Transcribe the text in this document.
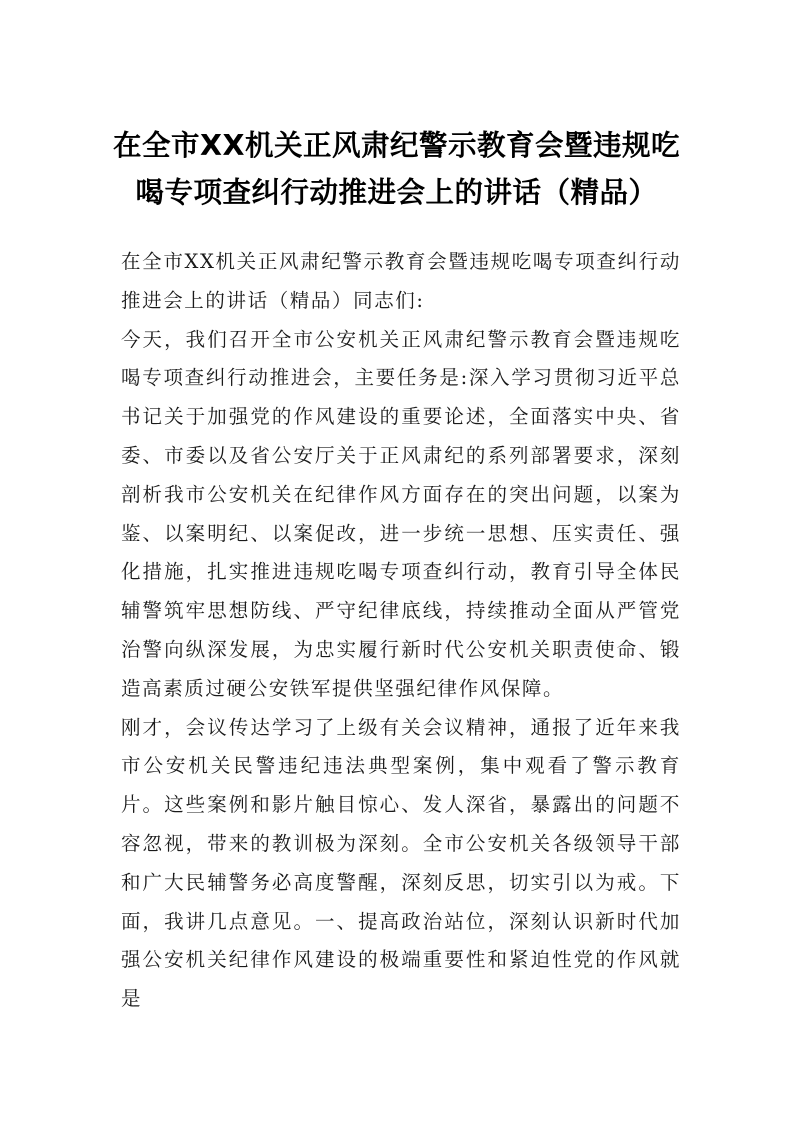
在全市XX机关正风肃纪警示教育会暨违规吃喝专项查纠行动推进会上的讲话（精品）

在全市XX机关正风肃纪警示教育会暨违规吃喝专项查纠行动推进会上的讲话（精品）同志们:

今天，我们召开全市公安机关正风肃纪警示教育会暨违规吃喝专项查纠行动推进会，主要任务是:深入学习贯彻习近平总书记关于加强党的作风建设的重要论述，全面落实中央、省委、市委以及省公安厅关于正风肃纪的系列部署要求，深刻剖析我市公安机关在纪律作风方面存在的突出问题，以案为鉴、以案明纪、以案促改，进一步统一思想、压实责任、强化措施，扎实推进违规吃喝专项查纠行动，教育引导全体民辅警筑牢思想防线、严守纪律底线，持续推动全面从严管党治警向纵深发展，为忠实履行新时代公安机关职责使命、锻造高素质过硬公安铁军提供坚强纪律作风保障。

刚才，会议传达学习了上级有关会议精神，通报了近年来我市公安机关民警违纪违法典型案例，集中观看了警示教育片。这些案例和影片触目惊心、发人深省，暴露出的问题不容忽视，带来的教训极为深刻。全市公安机关各级领导干部和广大民辅警务必高度警醒，深刻反思，切实引以为戒。下面，我讲几点意见。一、提高政治站位，深刻认识新时代加强公安机关纪律作风建设的极端重要性和紧迫性党的作风就是
